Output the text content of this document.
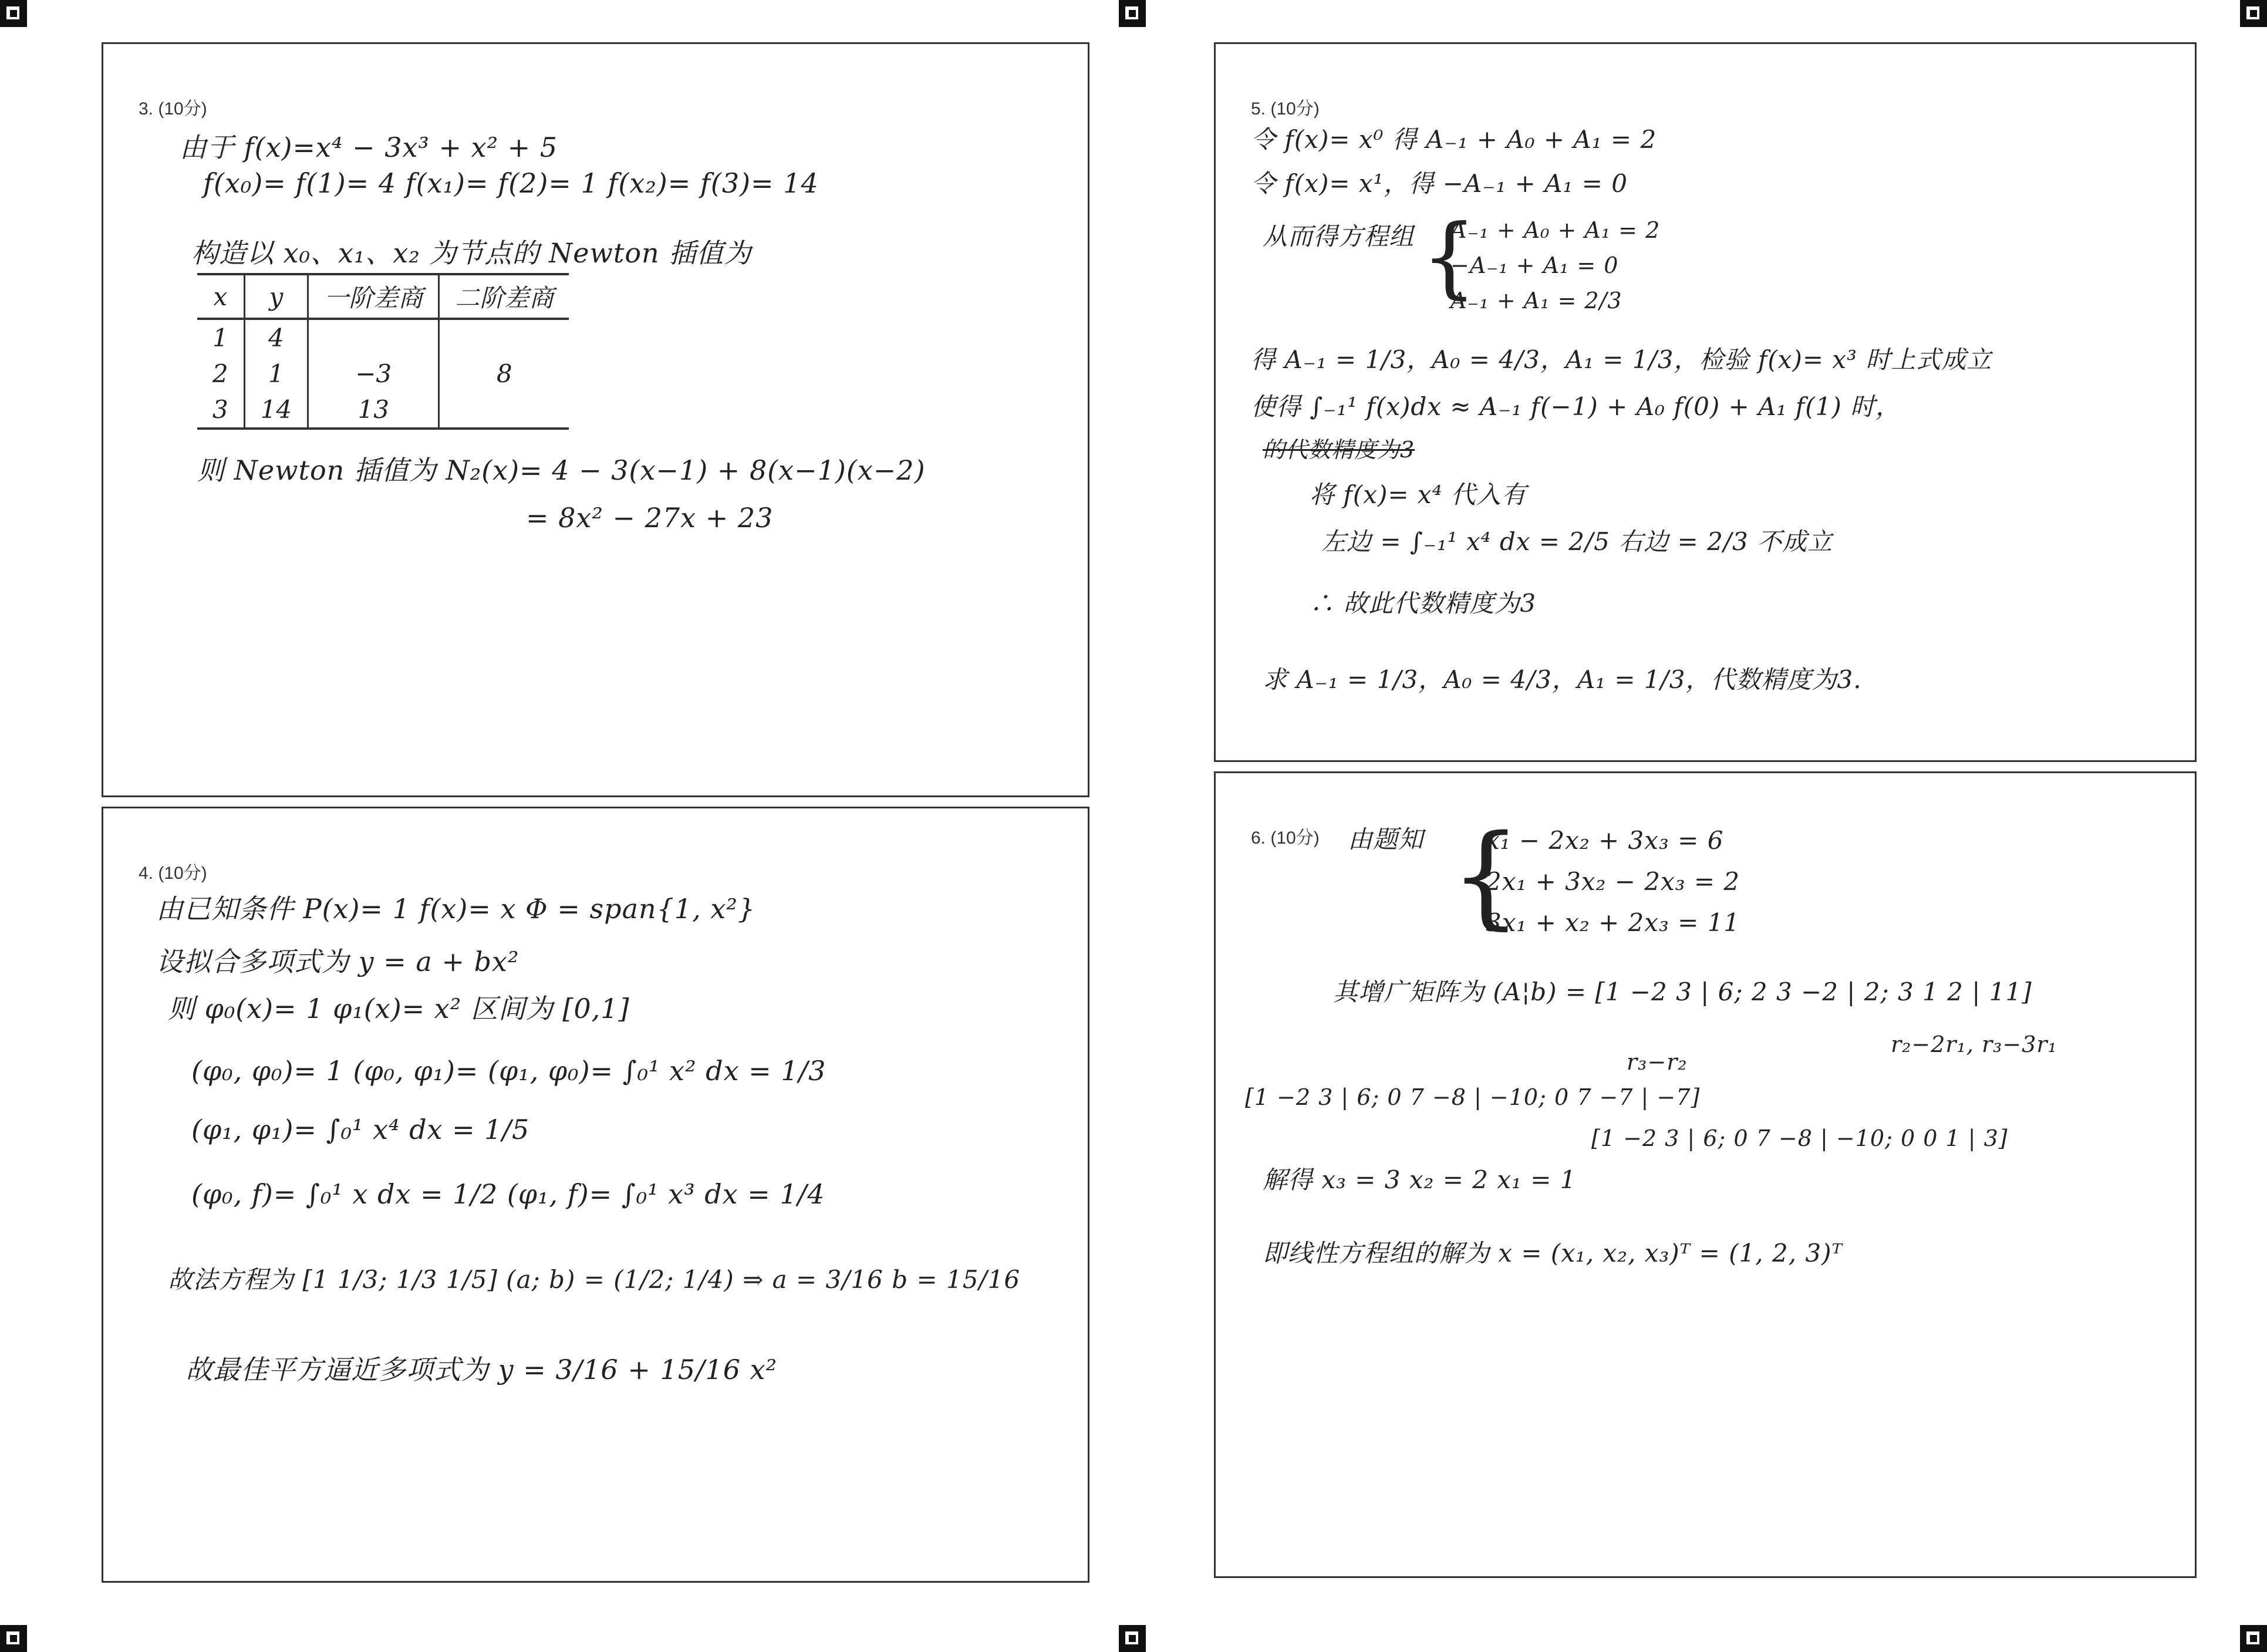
3. (10分)
由于 f(x)=x⁴ − 3x³ + x² + 5
f(x₀)= f(1)= 4 f(x₁)= f(2)= 1 f(x₂)= f(3)= 14
构造以 x₀、x₁、x₂ 为节点的 Newton 插值为
x	y	一阶差商	二阶差商
1	4		
2	1	−3	8
3	14	13	
则 Newton 插值为 N₂(x)= 4 − 3(x−1) + 8(x−1)(x−2)
= 8x² − 27x + 23
4. (10分)
由已知条件 P(x)= 1 f(x)= x Φ = span{1, x²}
设拟合多项式为 y = a + bx²
则 φ₀(x)= 1 φ₁(x)= x² 区间为 [0,1]
(φ₀, φ₀)= 1 (φ₀, φ₁)= (φ₁, φ₀)= ∫₀¹ x² dx = 1/3
(φ₁, φ₁)= ∫₀¹ x⁴ dx = 1/5
(φ₀, f)= ∫₀¹ x dx = 1/2 (φ₁, f)= ∫₀¹ x³ dx = 1/4
故法方程为 [1 1/3; 1/3 1/5] (a; b) = (1/2; 1/4) ⇒ a = 3/16 b = 15/16
故最佳平方逼近多项式为 y = 3/16 + 15/16 x²
5. (10分)
令 f(x)= x⁰ 得 A₋₁ + A₀ + A₁ = 2
令 f(x)= x¹，得 −A₋₁ + A₁ = 0
从而得方程组 {
A₋₁ + A₀ + A₁ = 2
−A₋₁ + A₁ = 0
A₋₁ + A₁ = 2/3
得 A₋₁ = 1/3，A₀ = 4/3，A₁ = 1/3，检验 f(x)= x³ 时上式成立
使得 ∫₋₁¹ f(x)dx ≈ A₋₁ f(−1) + A₀ f(0) + A₁ f(1) 时，
的代数精度为3
将 f(x)= x⁴ 代入有
左边 = ∫₋₁¹ x⁴ dx = 2/5 右边 = 2/3 不成立
∴ 故此代数精度为3
求 A₋₁ = 1/3，A₀ = 4/3，A₁ = 1/3，代数精度为3.
6. (10分) 由题知 {
x₁ − 2x₂ + 3x₃ = 6
2x₁ + 3x₂ − 2x₃ = 2
3x₁ + x₂ + 2x₃ = 11
其增广矩阵为 (A¦b) = [1 −2 3 | 6; 2 3 −2 | 2; 3 1 2 | 11]
r₂−2r₁, r₃−3r₁
[1 −2 3 | 6; 0 7 −8 | −10; 0 7 −7 | −7]
r₃−r₂
[1 −2 3 | 6; 0 7 −8 | −10; 0 0 1 | 3]
解得 x₃ = 3 x₂ = 2 x₁ = 1
即线性方程组的解为 x = (x₁, x₂, x₃)ᵀ = (1, 2, 3)ᵀ
